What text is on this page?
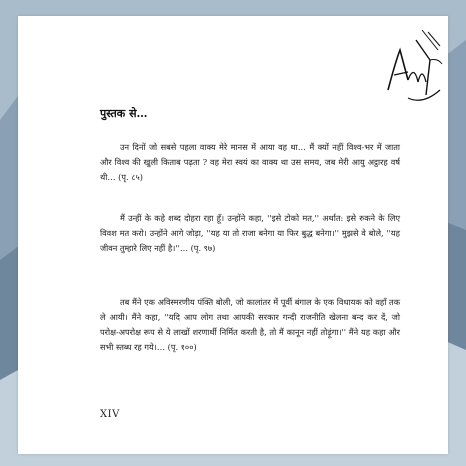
पुस्तक से…
उन दिनों जो सबसे पहला वाक्य मेरे मानस में आया वह था… मैं क्यों नहीं विश्व-भर में जाता और विश्व की खुली किताब पढ़ता ? वह मेरा स्वयं का वाक्य था उस समय, जब मेरी आयु अट्ठारह वर्ष थी… (पृ. ८५)
मैं उन्हीं के कहे शब्द दोहरा रहा हूँ। उन्होंने कहा, ''इसे टोको मत,'' अर्थात: इसे रुकने के लिए विवश मत करो। उन्होंने आगे जोड़ा, ''यह या तो राजा बनेगा या फिर बुद्ध बनेगा।'' मुझसे वे बोले, ''यह जीवन तुम्हारे लिए नहीं है।''… (पृ. ९७)
तब मैंने एक अविस्मरणीय पंक्ति बोली, जो कालांतर में पूर्वी बंगाल के एक विधायक को वहाँ तक ले आयी। मैंने कहा, ''यदि आप लोग तथा आपकी सरकार गन्दी राजनीति खेलना बन्द कर दें, जो परोक्ष-अपरोक्ष रूप से ये लाखों शरणार्थी निर्मित करती है, तो मैं कानून नहीं तोड़ूंगा।'' मैंने यह कहा और सभी स्तब्ध रह गये।… (पृ. १००)
XIV
